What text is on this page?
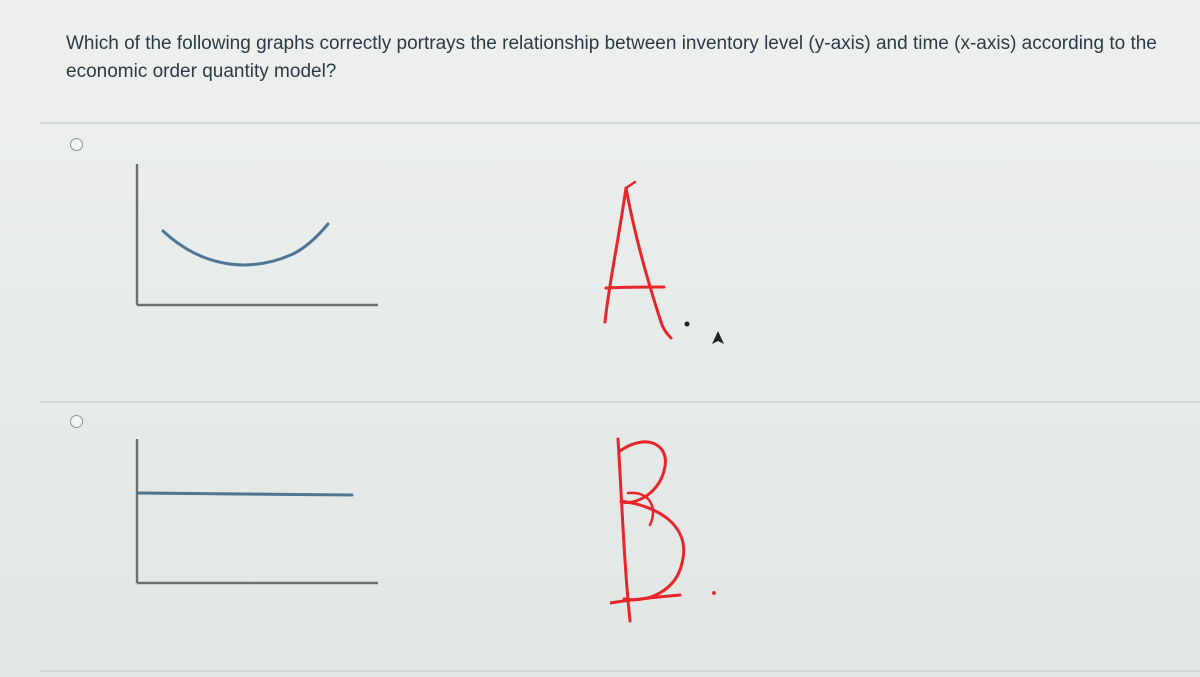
Which of the following graphs correctly portrays the relationship between inventory level (y-axis) and time (x-axis) according to the economic order quantity model?
A.
B.
